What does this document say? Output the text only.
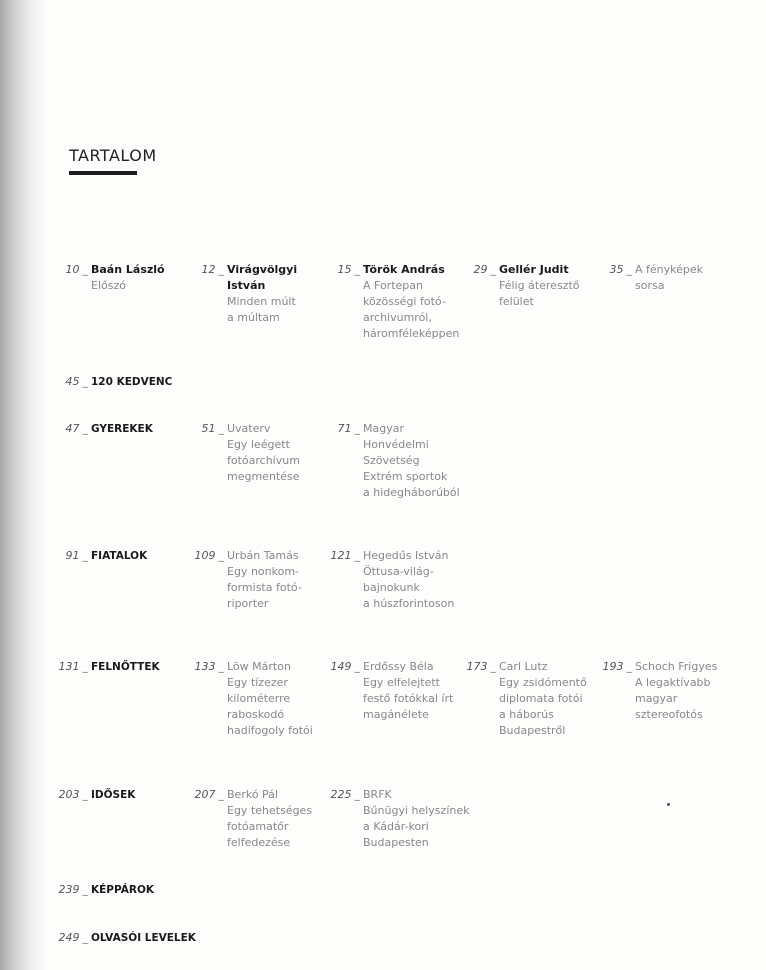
TARTALOM
10 _ Baán László
Előszó
12 _ Virágvölgyi
István
Minden múlt
a múltam
15 _ Török András
A Fortepan
közösségi fotó-
archivumról,
háromféleképpen
29 _ Gellér Judit
Félig áteresztő
felület
35 _ A fényképek
sorsa
45 _ 120 KEDVENC
47 _ GYEREKEK	51 _ Uvaterv
Egy leégett
fotóarchívum
megmentése
71 _ Magyar
Honvédelmi
Szövetség
Extrém sportok
a hidegháborúból
91 _ FIATALOK	109 _ Urbán Tamás
Egy nonkom-
formista fotó-
riporter
121 _ Hegedűs István
Öttusa-világ-
bajnokunk
a húszforintoson
131 _ FELNŐTTEK	133 _ Löw Márton
Egy tízezer
kilométerre
raboskodó
hadifogoly fotói
149 _ Erdőssy Béla
Egy elfelejtett
festő fotókkal írt
magánélete
173 _ Carl Lutz
Egy zsidómentő
diplomata fotói
a háborús
Budapestről
193 _ Schoch Frigyes
A legaktívabb
magyar
sztereofotós
203 _ IDŐSEK	207 _ Berkó Pál
Egy tehetséges
fotóamatőr
felfedezése
225 _ BRFK
Bűnügyi helyszínek
a Kádár-kori
Budapesten
239 _ KÉPPÁROK
249 _ OLVASÓI LEVELEK
